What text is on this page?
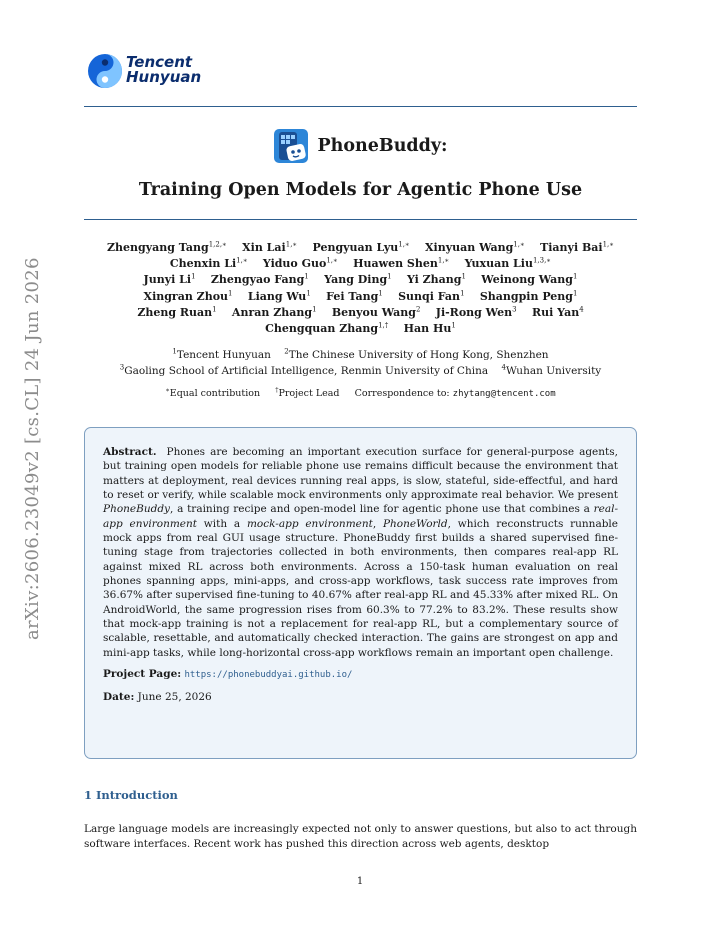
Tencent
Hunyuan
PhoneBuddy:
Training Open Models for Agentic Phone Use
Zhengyang Tang$^{1,2,∗}$ Xin Lai$^{1,∗}$ Pengyuan Lyu$^{1,∗}$ Xinyuan Wang$^{1,∗}$ Tianyi Bai$^{1,∗}$
Chenxin $Li^{1,∗}$ Yiduo Guo$^{1,∗}$ Huawen Shen$^{1,∗}$ Yuxuan Liu$^{1,3,∗}$
Junyi Li$^1$ Zhengyao Fang$^1$ Yang Ding$^1$ Yi Zhang$^1$ Weinong Wang$^1$
Xingran Zhou$^1$ Liang Wu$^1$ Fei Tang$^1$ Sunqi Fan$^1$ Shangpin Peng$^1$
Zheng Ruan$^1$ Anran Zhang$^1$ Benyou Wang$^2$ Ji-Rong Wen$^3$ Rui Yan$^4$
Chengquan Zhang$^{1,\dagger}$ Han Hu$^1$
$^1$Tencent Hunyuan $^2$The Chinese University of Hong Kong, Shenzhen
$^3$Gaoling School of Artificial Intelligence, Renmin University of China $^4$Wuhan University
∗Equal contribution †Project Lead Correspondence to: zhytang@tencent.com
arXiv:2606.23049v2 [cs.CL] 24 Jun 2026	Abstract. Phones are becoming an important execution surface for general-purpose agents, but training open models for reliable phone use remains difficult because the environment that matters at deployment, real devices running real apps, is slow, stateful, side-effectful, and hard to reset or verify, while scalable mock environments only approximate real behavior. We present PhoneBuddy, a training recipe and open-model line for agentic phone use that combines a real-app environment with a mock-app environment, PhoneWorld, which reconstructs runnable mock apps from real GUI usage structure. PhoneBuddy first builds a shared supervised fine-tuning stage from trajectories collected in both environments, then compares real-app RL against mixed RL across both environments. Across a 150-task human evaluation on real phones spanning apps, mini-apps, and cross-app workflows, task success rate improves from 36.67% after supervised fine-tuning to 40.67% after real-app RL and 45.33% after mixed RL. On AndroidWorld, the same progression rises from 60.3% to 77.2% to 83.2%. These results show that mock-app training is not a replacement for real-app RL, but a complementary source of scalable, resettable, and automatically checked interaction. The gains are strongest on app and mini-app tasks, while long-horizontal cross-app workflows remain an important open challenge.
Project Page: https://phonebuddyai.github.io/
Date: June 25, 2026
1 Introduction
Large language models are increasingly expected not only to answer questions, but also to act through software interfaces. Recent work has pushed this direction across web agents, desktop
1
